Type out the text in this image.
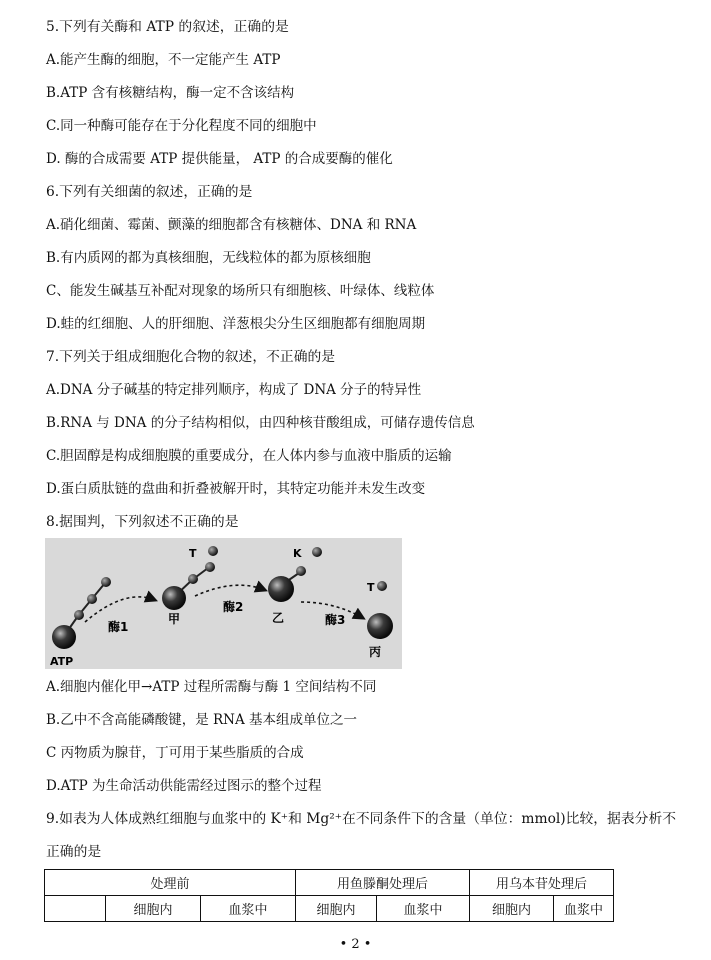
5.下列有关酶和 ATP 的叙述，正确的是
A.能产生酶的细胞，不一定能产生 ATP
B.ATP 含有核糖结构，酶一定不含该结构
C.同一种酶可能存在于分化程度不同的细胞中
D. 酶的合成需要 ATP 提供能量， ATP 的合成要酶的催化
6.下列有关细菌的叙述，正确的是
A.硝化细菌、霉菌、颤藻的细胞都含有核糖体、DNA 和 RNA
B.有内质网的都为真核细胞，无线粒体的都为原核细胞
C、能发生碱基互补配对现象的场所只有细胞核、叶绿体、线粒体
D.蛙的红细胞、人的肝细胞、洋葱根尖分生区细胞都有细胞周期
7.下列关于组成细胞化合物的叙述，不正确的是
A.DNA 分子碱基的特定排列顺序，构成了 DNA 分子的特异性
B.RNA 与 DNA 的分子结构相似，由四种核苷酸组成，可储存遗传信息
C.胆固醇是构成细胞膜的重要成分，在人体内参与血液中脂质的运输
D.蛋白质肽链的盘曲和折叠被解开时，其特定功能并未发生改变
8.据围判，下列叙述不正确的是
ATP
酶1
T
甲
酶2
K
乙	酶3
T
丙
A.细胞内催化甲→ATP 过程所需酶与酶 1 空间结构不同
B.乙中不含高能磷酸键，是 RNA 基本组成单位之一
C 丙物质为腺苷，丁可用于某些脂质的合成
D.ATP 为生命活动供能需经过图示的整个过程
9.如表为人体成熟红细胞与血浆中的 K⁺和 Mg²⁺在不同条件下的含量（单位：mmol)比较，据表分析不
正确的是
处理前			用鱼滕酮处理后		用乌本苷处理后	
	细胞内	血浆中	细胞内	血浆中	细胞内	血浆中
• 2 •
